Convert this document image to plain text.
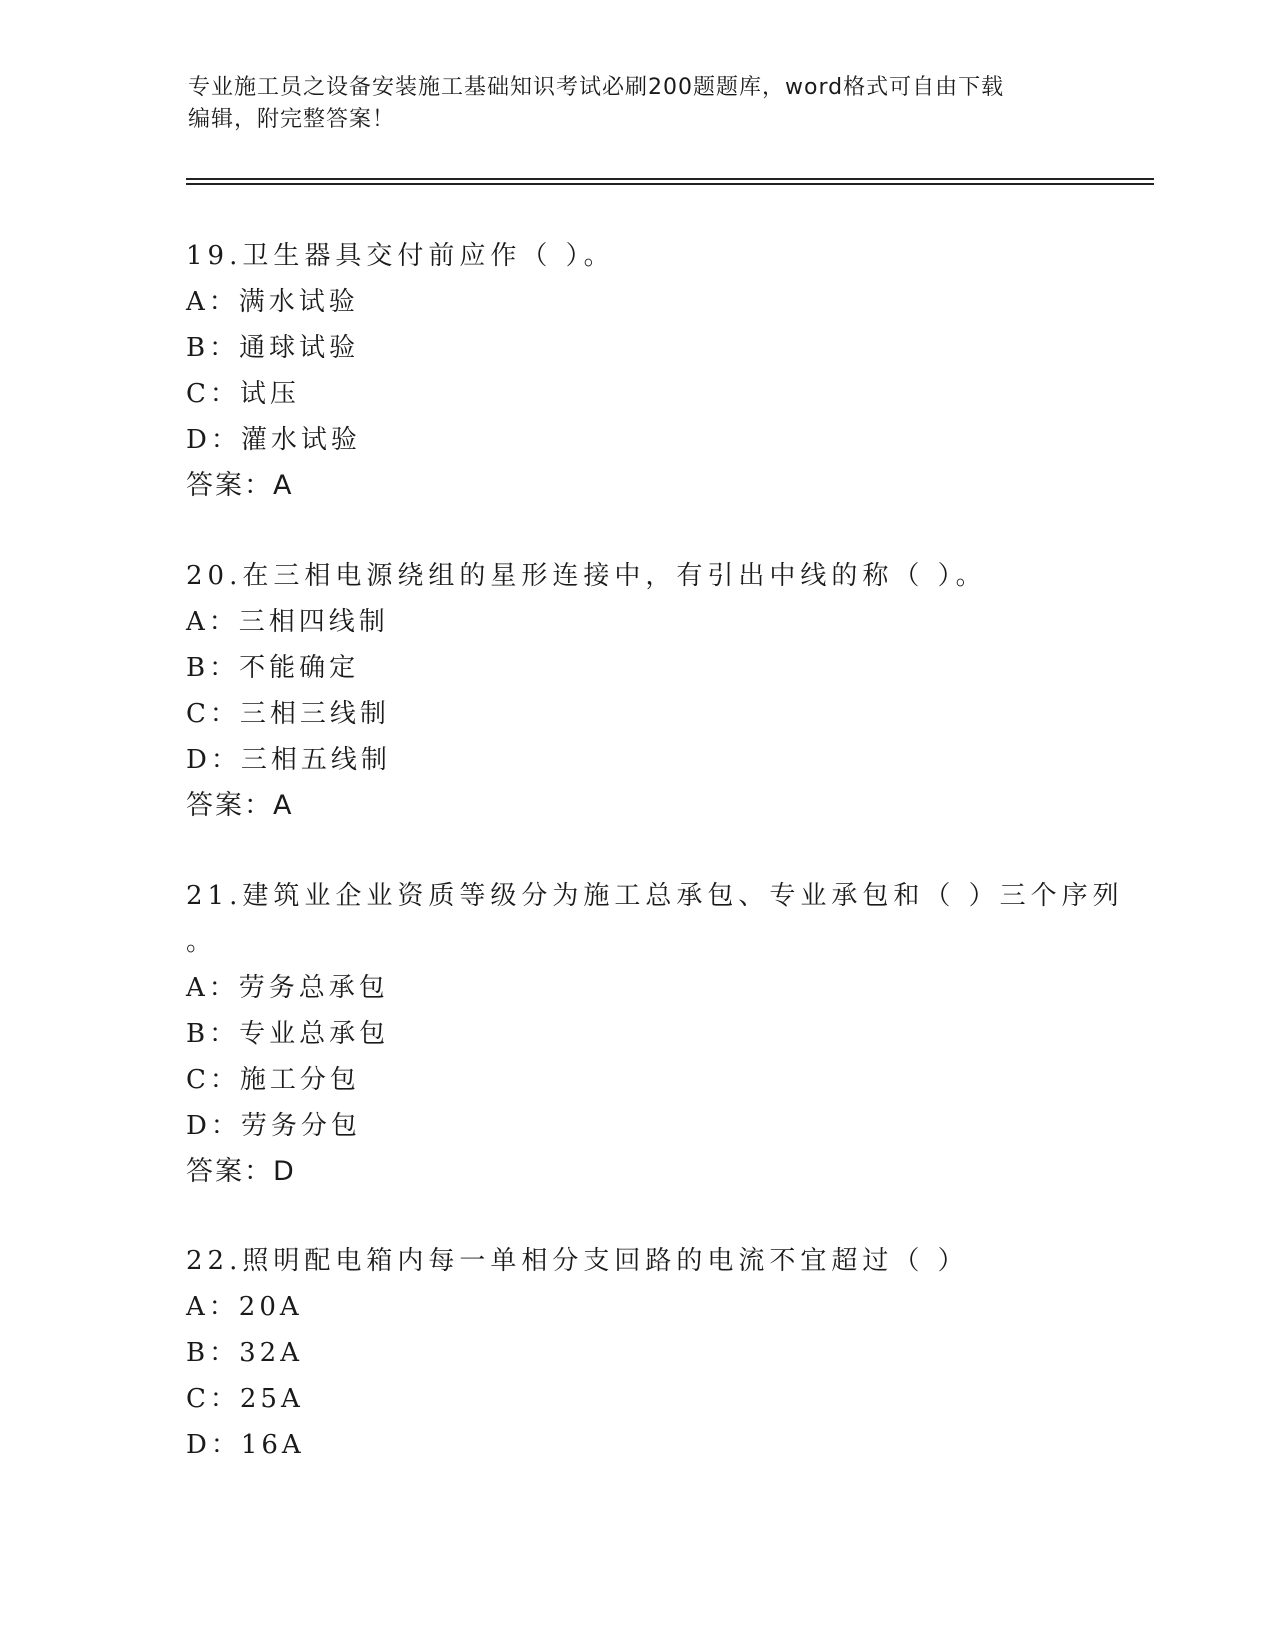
专业施工员之设备安装施工基础知识考试必刷200题题库，word格式可自由下载
编辑，附完整答案！
19.卫生器具交付前应作（ ）。
A：满水试验
B：通球试验
C：试压
D：灌水试验
答案：A
20.在三相电源绕组的星形连接中，有引出中线的称（ ）。
A：三相四线制
B：不能确定
C：三相三线制
D：三相五线制
答案：A
21.建筑业企业资质等级分为施工总承包、专业承包和（ ）三个序列
。
A：劳务总承包
B：专业总承包
C：施工分包
D：劳务分包
答案：D
22.照明配电箱内每一单相分支回路的电流不宜超过（ ）
A：20A
B：32A
C：25A
D：16A
